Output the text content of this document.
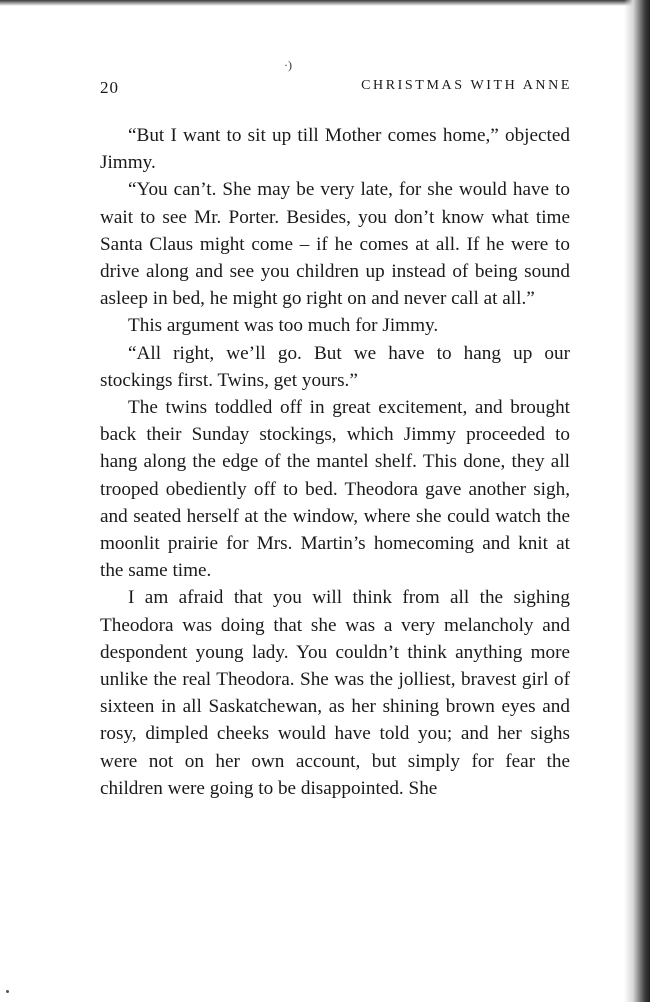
·)
20	CHRISTMAS WITH ANNE

“But I want to sit up till Mother comes home,” objected Jimmy.

“You can’t. She may be very late, for she would have to wait to see Mr. Porter. Besides, you don’t know what time Santa Claus might come – if he comes at all. If he were to drive along and see you children up instead of being sound asleep in bed, he might go right on and never call at all.”

This argument was too much for Jimmy.

“All right, we’ll go. But we have to hang up our stockings first. Twins, get yours.”

The twins toddled off in great excitement, and brought back their Sunday stockings, which Jimmy proceeded to hang along the edge of the mantel shelf. This done, they all trooped obediently off to bed. Theodora gave another sigh, and seated herself at the window, where she could watch the moonlit prairie for Mrs. Martin’s homecoming and knit at the same time.

I am afraid that you will think from all the sighing Theodora was doing that she was a very melancholy and despondent young lady. You couldn’t think anything more unlike the real Theodora. She was the jolliest, bravest girl of sixteen in all Saskatchewan, as her shining brown eyes and rosy, dimpled cheeks would have told you; and her sighs were not on her own account, but simply for fear the children were going to be disappointed. She
